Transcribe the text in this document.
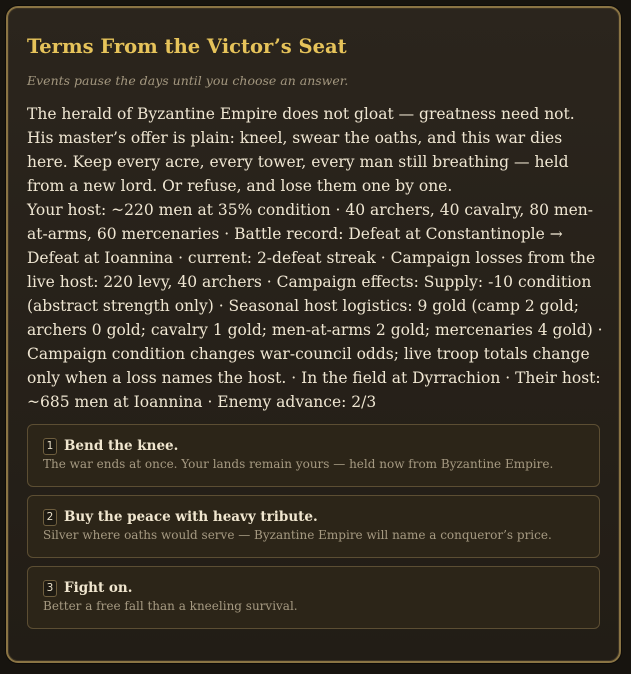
Terms From the Victor’s Seat
Events pause the days until you choose an answer.

The herald of Byzantine Empire does not gloat — greatness need not. His master’s offer is plain: kneel, swear the oaths, and this war dies here. Keep every acre, every tower, every man still breathing — held from a new lord. Or refuse, and lose them one by one.

Your host: ~220 men at 35% condition · 40 archers, 40 cavalry, 80 men-at-arms, 60 mercenaries · Battle record: Defeat at Constantinople → Defeat at Ioannina · current: 2-defeat streak · Campaign losses from the live host: 220 levy, 40 archers · Campaign effects: Supply: -10 condition (abstract strength only) · Seasonal host logistics: 9 gold (camp 2 gold; archers 0 gold; cavalry 1 gold; men-at-arms 2 gold; mercenaries 4 gold) · Campaign condition changes war-council odds; live troop totals change only when a loss names the host. · In the field at Dyrrachion · Their host: ~685 men at Ioannina · Enemy advance: 2/3

1 Bend the knee.
The war ends at once. Your lands remain yours — held now from Byzantine Empire.
2 Buy the peace with heavy tribute.
Silver where oaths would serve — Byzantine Empire will name a conqueror’s price.
3 Fight on.
Better a free fall than a kneeling survival.
